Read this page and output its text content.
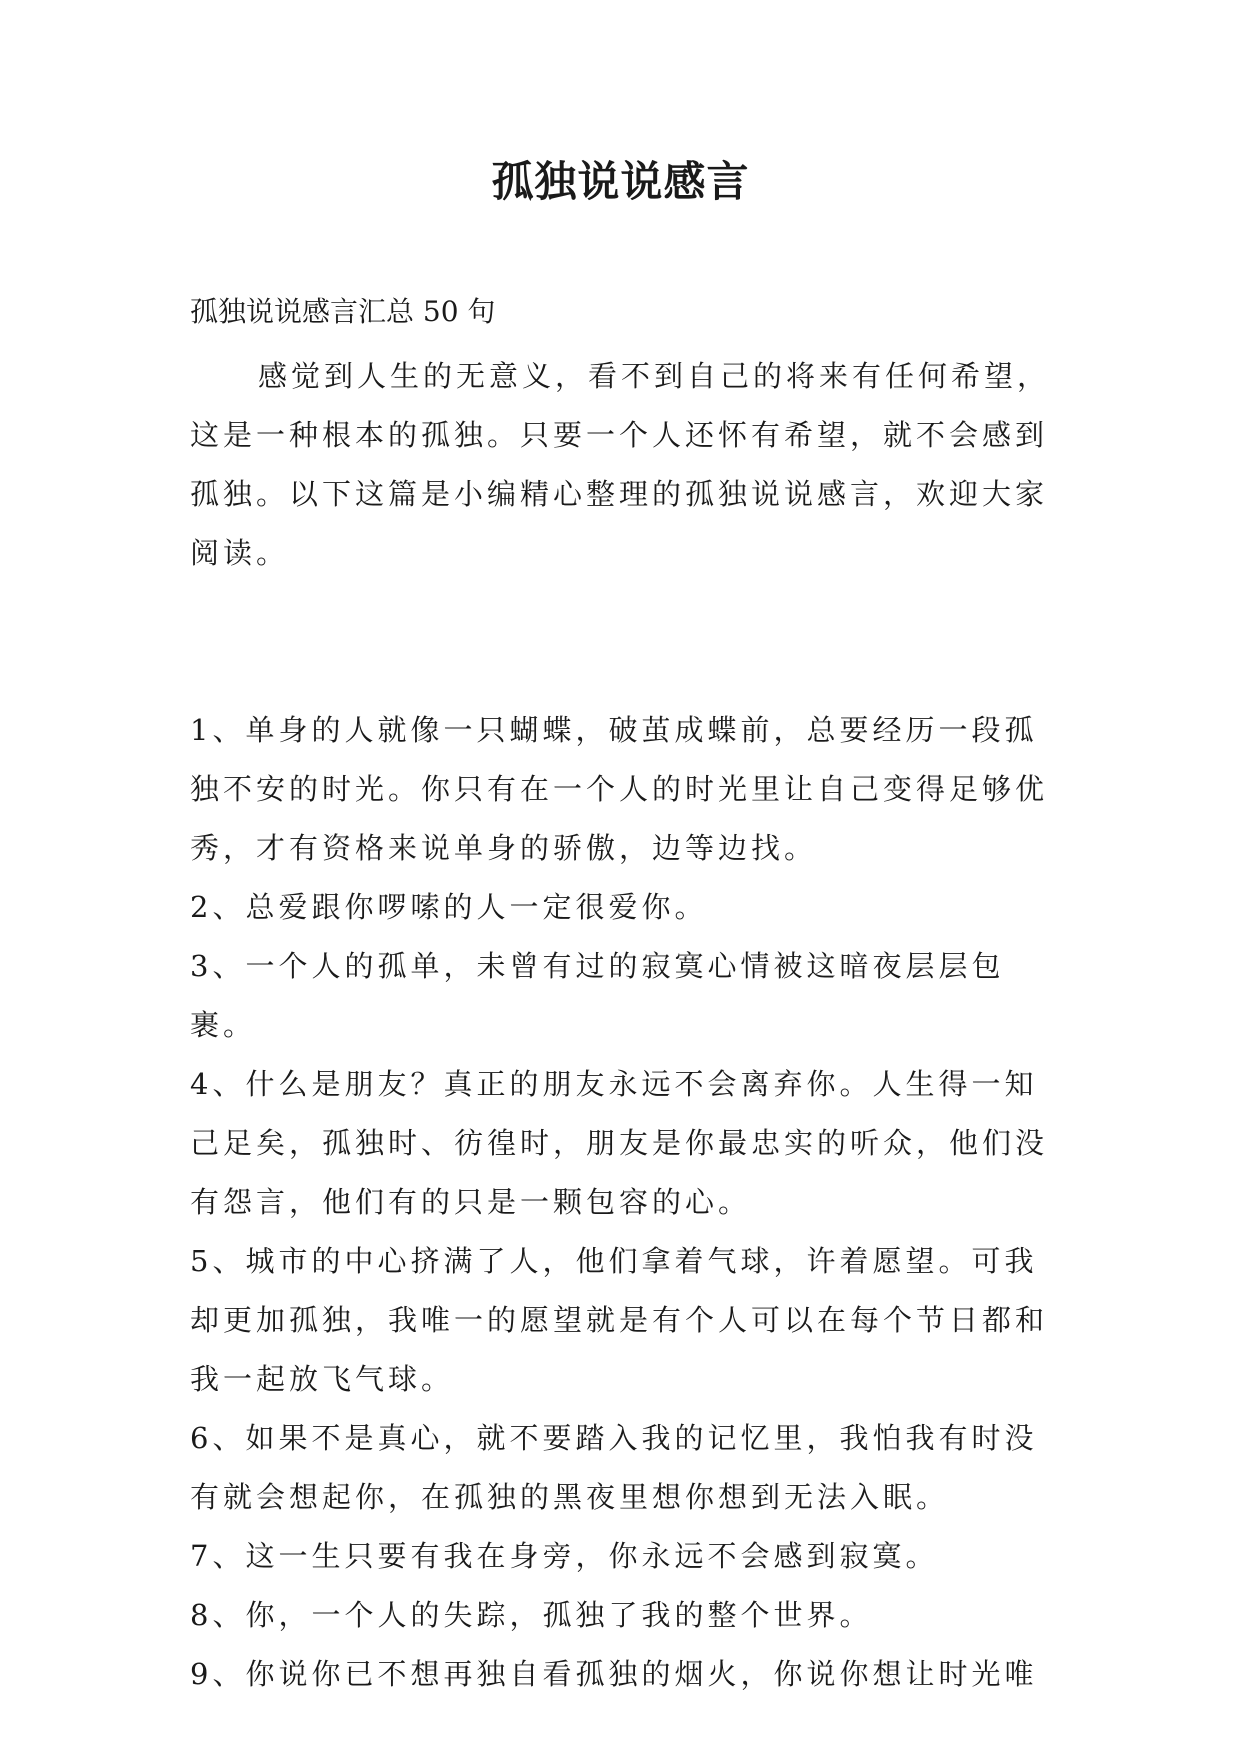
孤独说说感言

孤独说说感言汇总 50 句

感觉到人生的无意义，看不到自己的将来有任何希望，这是一种根本的孤独。只要一个人还怀有希望，就不会感到孤独。以下这篇是小编精心整理的孤独说说感言，欢迎大家阅读。

1、单身的人就像一只蝴蝶，破茧成蝶前，总要经历一段孤独不安的时光。你只有在一个人的时光里让自己变得足够优秀，才有资格来说单身的骄傲，边等边找。
2、总爱跟你啰嗦的人一定很爱你。
3、一个人的孤单，未曾有过的寂寞心情被这暗夜层层包裹。
4、什么是朋友？真正的朋友永远不会离弃你。人生得一知己足矣，孤独时、彷徨时，朋友是你最忠实的听众，他们没有怨言，他们有的只是一颗包容的心。
5、城市的中心挤满了人，他们拿着气球，许着愿望。可我却更加孤独，我唯一的愿望就是有个人可以在每个节日都和我一起放飞气球。
6、如果不是真心，就不要踏入我的记忆里，我怕我有时没有就会想起你，在孤独的黑夜里想你想到无法入眠。
7、这一生只要有我在身旁，你永远不会感到寂寞。
8、你，一个人的失踪，孤独了我的整个世界。
9、你说你已不想再独自看孤独的烟火，你说你想让时光唯
